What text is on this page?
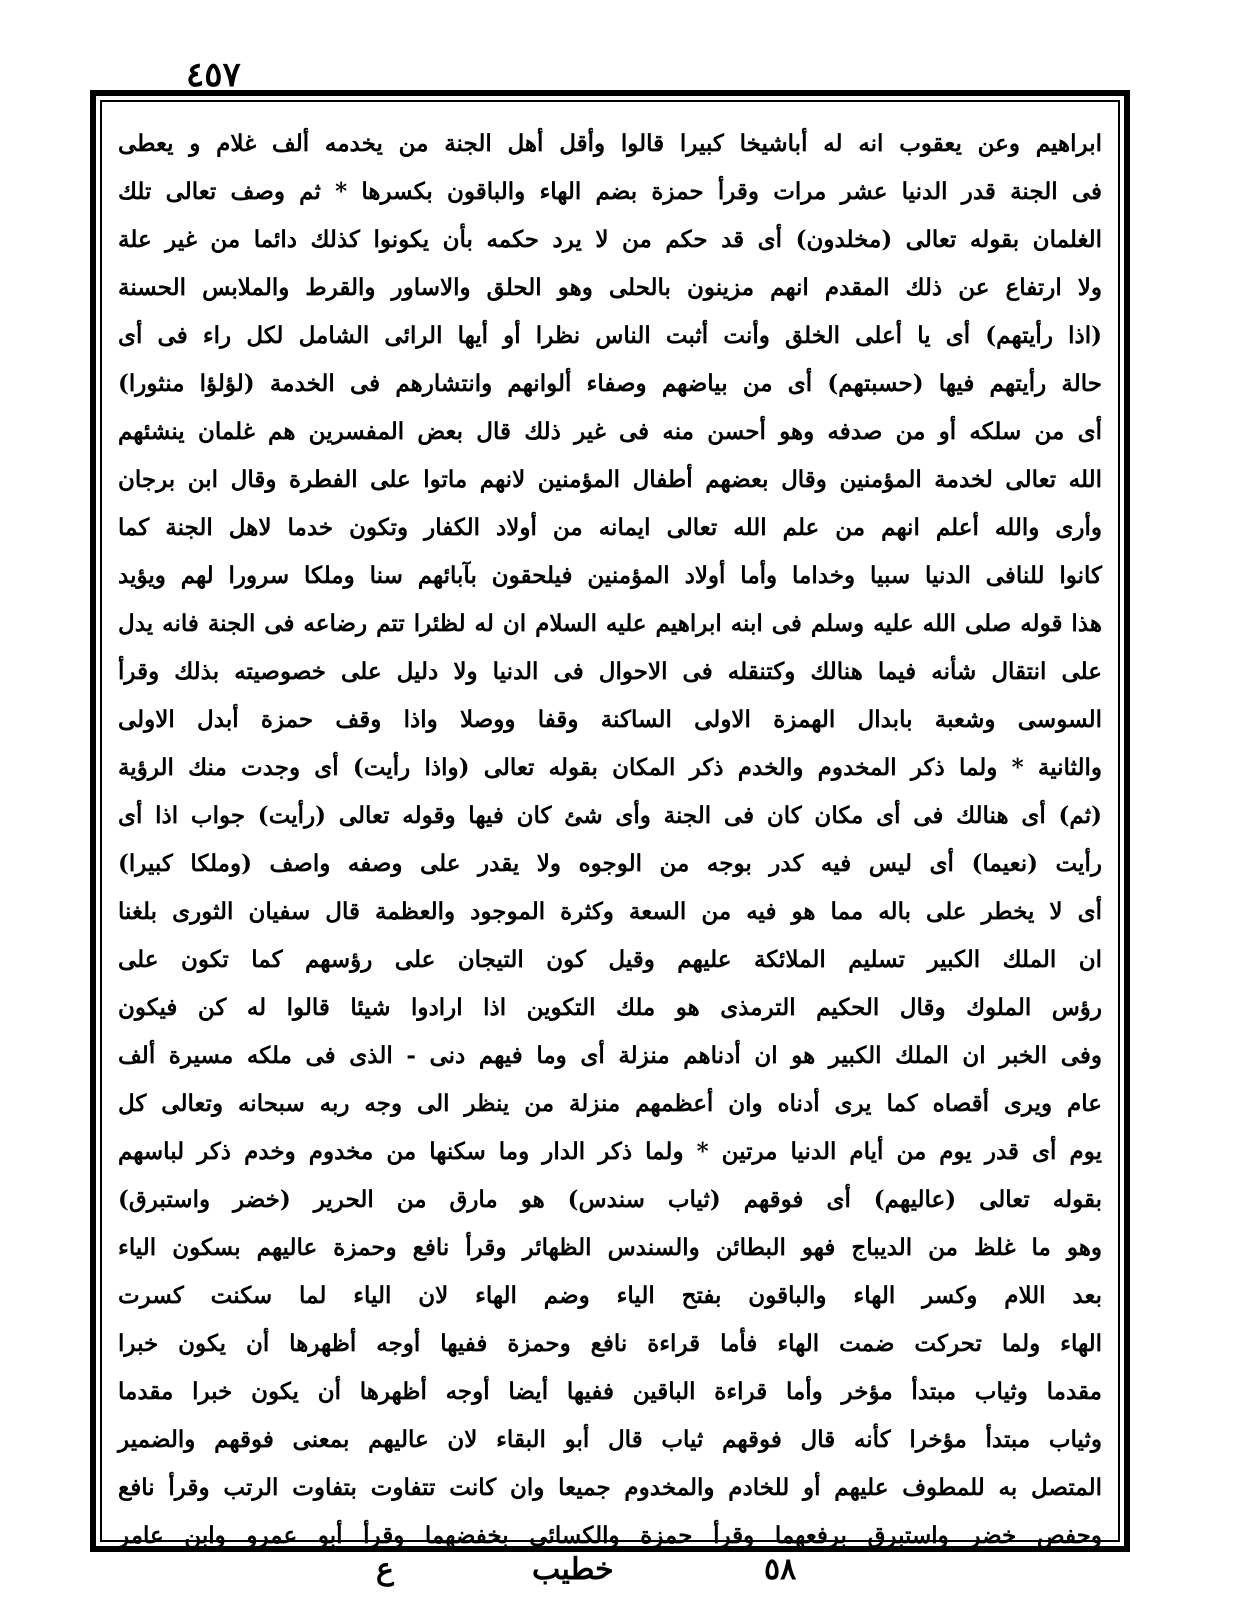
٤٥٧
ابراهيم وعن يعقوب انه له أباشيخا كبيرا قالوا وأقل أهل الجنة من يخدمه ألف غلام و يعطى
فى الجنة قدر الدنيا عشر مرات وقرأ حمزة بضم الهاء والباقون بكسرها * ثم وصف تعالى تلك
الغلمان بقوله تعالى (مخلدون) أى قد حكم من لا يرد حكمه بأن يكونوا كذلك دائما من غير علة
ولا ارتفاع عن ذلك المقدم انهم مزينون بالحلى وهو الحلق والاساور والقرط والملابس الحسنة
(اذا رأيتهم) أى يا أعلى الخلق وأنت أثبت الناس نظرا أو أيها الرائى الشامل لكل راء فى أى
حالة رأيتهم فيها (حسبتهم) أى من بياضهم وصفاء ألوانهم وانتشارهم فى الخدمة (لؤلؤا منثورا)
أى من سلكه أو من صدفه وهو أحسن منه فى غير ذلك قال بعض المفسرين هم غلمان ينشئهم
الله تعالى لخدمة المؤمنين وقال بعضهم أطفال المؤمنين لانهم ماتوا على الفطرة وقال ابن برجان
وأرى والله أعلم انهم من علم الله تعالى ايمانه من أولاد الكفار وتكون خدما لاهل الجنة كما
كانوا للنافى الدنيا سبيا وخداما وأما أولاد المؤمنين فيلحقون بآبائهم سنا وملكا سرورا لهم ويؤيد
هذا قوله صلى الله عليه وسلم فى ابنه ابراهيم عليه السلام ان له لظئرا تتم رضاعه فى الجنة فانه يدل
على انتقال شأنه فيما هنالك وكتنقله فى الاحوال فى الدنيا ولا دليل على خصوصيته بذلك وقرأ
السوسى وشعبة بابدال الهمزة الاولى الساكنة وقفا ووصلا واذا وقف حمزة أبدل الاولى
والثانية * ولما ذكر المخدوم والخدم ذكر المكان بقوله تعالى (واذا رأيت) أى وجدت منك الرؤية
(ثم) أى هنالك فى أى مكان كان فى الجنة وأى شئ كان فيها وقوله تعالى (رأيت) جواب اذا أى
رأيت (نعيما) أى ليس فيه كدر بوجه من الوجوه ولا يقدر على وصفه واصف (وملكا كبيرا)
أى لا يخطر على باله مما هو فيه من السعة وكثرة الموجود والعظمة قال سفيان الثورى بلغنا
ان الملك الكبير تسليم الملائكة عليهم وقيل كون التيجان على رؤسهم كما تكون على
رؤس الملوك وقال الحكيم الترمذى هو ملك التكوين اذا ارادوا شيئا قالوا له كن فيكون
وفى الخبر ان الملك الكبير هو ان أدناهم منزلة أى وما فيهم دنى - الذى فى ملكه مسيرة ألف
عام ويرى أقصاه كما يرى أدناه وان أعظمهم منزلة من ينظر الى وجه ربه سبحانه وتعالى كل
يوم أى قدر يوم من أيام الدنيا مرتين * ولما ذكر الدار وما سكنها من مخدوم وخدم ذكر لباسهم
بقوله تعالى (عاليهم) أى فوقهم (ثياب سندس) هو مارق من الحرير (خضر واستبرق)
وهو ما غلظ من الديباج فهو البطائن والسندس الظهائر وقرأ نافع وحمزة عاليهم بسكون الياء
بعد اللام وكسر الهاء والباقون بفتح الياء وضم الهاء لان الياء لما سكنت كسرت
الهاء ولما تحركت ضمت الهاء فأما قراءة نافع وحمزة ففيها أوجه أظهرها أن يكون خبرا
مقدما وثياب مبتدأ مؤخر وأما قراءة الباقين ففيها أيضا أوجه أظهرها أن يكون خبرا مقدما
وثياب مبتدأ مؤخرا كأنه قال فوقهم ثياب قال أبو البقاء لان عاليهم بمعنى فوقهم والضمير
المتصل به للمطوف عليهم أو للخادم والمخدوم جميعا وان كانت تتفاوت بتفاوت الرتب وقرأ نافع
وحفص خضر واستبرق برفعهما وقرأ حمزة والكسائى بخفضهما وقرأ أبو عمرو وابن عامر
٥٨
خطيب
ع
